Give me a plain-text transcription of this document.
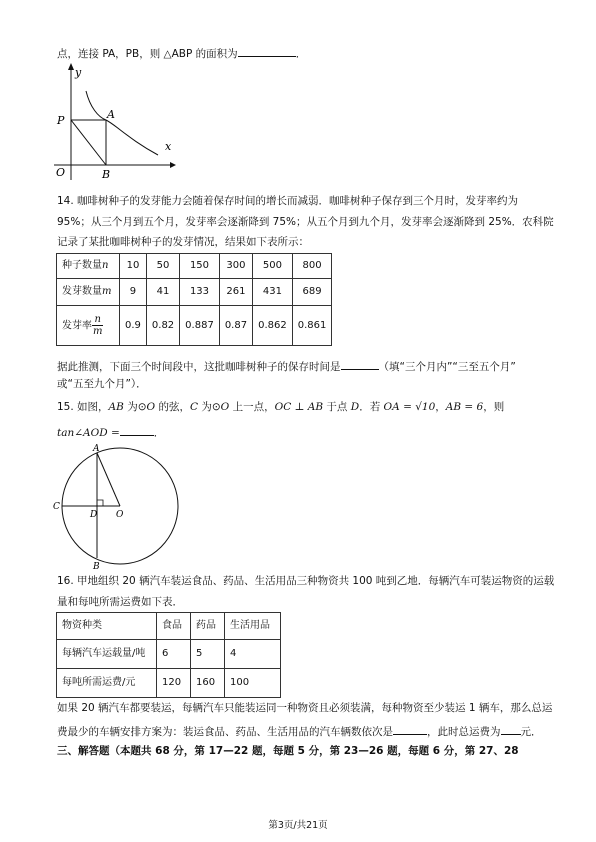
点，连接 PA，PB，则 △ABP 的面积为	．
y
x
O
P	A
B
14. 咖啡树种子的发芽能力会随着保存时间的增长而减弱．咖啡树种子保存到三个月时，发芽率约为
95%；从三个月到五个月，发芽率会逐渐降到 75%；从五个月到九个月，发芽率会逐渐降到 25%．农科院
记录了某批咖啡树种子的发芽情况，结果如下表所示：
种子数量n	10	50	150	300	500	800
发芽数量m	9	41	133	261	431	689
发芽率 $\frac{n}{m}$	0.9	0.82	0.887	0.87	0.862	0.861
据此推测，下面三个时间段中，这批咖啡树种子的保存时间是	（填“三个月内”“三至五个月”
或“五至九个月”）．
15. 如图，AB 为⊙O 的弦，C 为⊙O 上一点，OC ⊥ AB 于点 D．若 OA = √10，AB = 6，则
tan∠AOD =	．
A
B
C
D O
16. 甲地组织 20 辆汽车装运食品、药品、生活用品三种物资共 100 吨到乙地．每辆汽车可装运物资的运载
量和每吨所需运费如下表．
物资种类	食品	药品	生活用品
每辆汽车运载量/吨	6	5	4
每吨所需运费/元	120	160	100
如果 20 辆汽车都要装运，每辆汽车只能装运同一种物资且必须装满，每种物资至少装运 1 辆车，那么总运
费最少的车辆安排方案为：装运食品、药品、生活用品的汽车辆数依次是	，此时总运费为 元．
三、解答题（本题共 68 分，第 17—22 题，每题 5 分，第 23—26 题，每题 6 分，第 27、28
第3页/共21页
